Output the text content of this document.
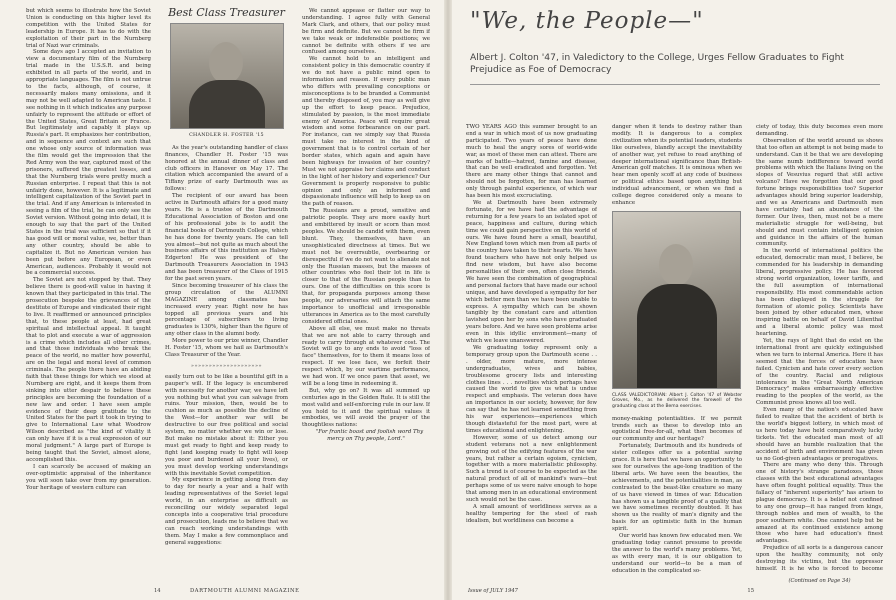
but which seems to illustrate how the Soviet Union is conducting on this higher level its competition with the United States for leadership in Europe. It has to do with the exploitation of their part in the Nurnberg trial of Nazi war criminals.

Some days ago I accepted an invitation to view a documentary film of the Nurnberg trial made in the U.S.S.R. and being exhibited in all parts of the world, and in appropriate languages. The film is not untrue to the facts, although, of course, it necessarily makes many omissions, and it may not be well adapted to American taste. I see nothing in it which indicates any purpose unfairly to represent the attitude or effort of the United States, Great Britain or France. But legitimately and capably it plays up Russia's part. It emphasizes her contribution, and in sequence and context are such that one whose only source of information was the film would get the impression that the Red Army won the war, captured most of the prisoners, suffered the greatest losses, and that the Nurnberg trials were pretty much a Russian enterprise. I repeat that this is not unfairly done, however. It is a legitimate and intelligent capitalization of the Soviet part in the trial. And if any American is interested in seeing a film of the trial, he can only see the Soviet version. Without going into detail, it is enough to say that the part of the United States in the trial was sufficient so that if it has good will or moral value, we, better than any other country, should be able to capitalize it. But no American version has been put before any European, or even American, audiences. Probably it would not be a commercial success.

The Soviet are not stopped by that. They believe there is good-will value in having it known that they participated in this trial. The prosecution bespoke the grievances of the destitute of Europe and vindicated their right to live. It reaffirmed or announced principles that, to these people at least, had great spiritual and intellectual appeal. It taught that to plot and execute a war of aggression is a crime which includes all other crimes, and that those individuals who break the peace of the world, no matter how powerful, are on the legal and moral level of common criminals. The people there have an abiding faith that these things for which we stood at Nurnberg are right, and it keeps them from sinking into utter despair to believe these principles are becoming the foundation of a new law and order. I have seen ample evidence of their deep gratitude to the United States for the part it took in trying to give to International Law what Woodrow Wilson described as "the kind of vitality it can only have if it is a real expression of our moral judgment." A large part of Europe is being taught that the Soviet, almost alone, accomplished this.

I can scarcely be accused of making an over-optimistic appraisal of the inheritance you will soon take over from my generation. Your heritage of western culture can

Best Class Treasurer
CHANDLER H. FOSTER '15

As the year's outstanding handler of class finances, Chandler H. Foster '15 was honored at the annual dinner of class and club officers in Hanover on May 17. The citation which accompanied the award of a Tiffany prize of early Dartmouth was as follows:

The recipient of our award has been active in Dartmouth affairs for a good many years. He is a trustee of the Dartmouth Educational Association of Boston and one of his professional jobs is to audit the financial books of Dartmouth College, which he has done for twenty years. He can tell you almost—but not quite as much about the business affairs of this institution as Halsey Edgerton! He was president of the Dartmouth Treasurers Association in 1943 and has been treasurer of the Class of 1915 for the past seven years.

Since becoming treasurer of his class the group circulation of the ALUMNI MAGAZINE among classmates has increased every year. Right now he has topped all previous years and his percentage of subscribers to living graduates is 130%, higher than the figure of any other class in the alumni body.

More power to our prize winner, Chandler H. Foster '15, whom we hail as Dartmouth's Class Treasurer of the Year.

»»»»»»»»»»»»»»»»»»»»

easily turn out to be like a bountiful gift in a pauper's will. If the legacy is encumbered with necessity for another war, we have left you nothing but what you can salvage from ruins. Your mission, then, would be to cushion as much as possible the decline of the West—for another war will be destructive to our free political and social system, no matter whether we win or lose. But make no mistake about it: Either you must get ready to fight and keep ready to fight (and keeping ready to fight will keep you poor and burdened all your lives), or you must develop working understandings with this inevitable Soviet competition.

My experience in getting along from day to day for nearly a year and a half with leading representatives of the Soviet legal world, in an enterprise as difficult as reconciling our widely separated legal concepts into a cooperative trial procedure and prosecution, leads me to believe that we can reach working understandings with them. May I make a few commonplace and general suggestions:

We cannot appease or flatter our way to understanding. I agree fully with General Mark Clark, and others, that our policy must be firm and definite. But we cannot be firm if we take weak or indefensible positions; we cannot be definite with others if we are confused among ourselves.

We cannot hold to an intelligent and consistent policy in this democratic country if we do not have a public mind open to information and reason. If every public man who differs with prevailing conceptions or misconceptions is to be branded a Communist and thereby disposed of, you may as well give up the effort to keep peace. Prejudice, stimulated by passion, is the most immediate enemy of America. Peace will require great wisdom and some forbearance on our part. For instance, can we simply say that Russia must take no interest in the kind of government that is to control certain of her border states, which again and again have been highways for invasion of her country? Must we not appraise her claims and conduct in the light of her history and experience? Our Government is properly responsive to public opinion and only an informed and dispassionate influence will help to keep us on the path of reason.

The Russians are a proud, sensitive and patriotic people. They are more easily hurt and embittered by insult or scorn than most peoples. We should be candid with them, even blunt. They, themselves, have an unsophisticated directness at times. But we must not be overrsubtle, overbearing or disrespectful if we do not want to alienate not only the Russian masses, but the masses of other countries who feel their lot in life is closer to that of the Russian people than to ours. One of the difficulties on this score is that, for propaganda purposes among these people, our adversaries will attach the same importance to unofficial and irresponsible utterances in America as to the most carefully considered official ones.

Above all else, we must make no threats that we are not able to carry through and ready to carry through at whatever cost. The Soviet will go to any ends to avoid "loss of face" themselves, for to them it means loss of respect. If we lose face, we forfeit their respect which, by our wartime performance, we had won. If we once pawn that asset, we will be a long time in redeeming it.

But, why go on? It was all summed up centuries ago in the Golden Rule. It is still the most valid and self-enforcing rule in our law. If you hold to it and the spiritual values it embodies, we will avoid the prayer of the thoughtless nations:

"For frantic boast and foolish word Thy mercy on Thy people, Lord."

14	DARTMOUTH ALUMNI MAGAZINE
"We, the People—"
Albert J. Colton '47, in Valedictory to the College, Urges Fellow Graduates to Fight Prejudice as Foe of Democracy

TWO YEARS AGO this summer brought to an end a war in which most of us now graduating participated. Two years of peace have done much to heal the angry sores of world-wide war, as most of these men can attest. There are marks of battle—hatred, famine and disease, that can be well eradicated and forgotten. Yet there are many other things that cannot and should not be forgotten, for man has learned only through painful experience, of which war has been his most excruciating.

We at Dartmouth have been extremely fortunate, for we have had the advantage of returning for a few years to an isolated spot of peace, happiness and culture, during which time we could gain perspective on this world of ours. We have found here a small, beautiful, New England town which men from all parts of the country have taken to their hearts. We have found teachers who have not only helped us find new wisdom, but have also become personalities of their own, often close friends. We have seen the combination of geographical and personal factors that have made our school unique, and have developed a sympathy for her which better men than we have been unable to express. A sympathy which can be shown tangibly by the constant care and attention lavished upon her by sons who have graduated years before. And we have seen problems arise even in this idyllic environment—many of which we leave unanswered.

We graduating today represent only a temporary group upon the Dartmouth scene . . . older, more mature, more intense undergraduates, wives and babies, troublesome grocery lists and interesting clothes lines . . . novelties which perhaps have caused the world to give us what is undue respect and emphasis. The veteran does have an importance in our society, however, for few can say that he has not learned something from his war experiences—experiences which though distasteful for the most part, were at times educational and enlightening.

However, some of us detect among our student veterans not a new enlightenment growing out of the edifying features of the war years, but rather a certain egoism, cynicism, together with a more materialistic philosophy. Such a trend is of course to be expected as the natural product of all of mankind's wars—but perhaps some of us were naive enough to hope that among men in an educational environment such would not be the case.

A small amount of worldliness serves as a healthy tempering for the steel of rash idealism, but worldliness can become a

danger when it tends to destroy rather than modify. It is dangerous to a complex civilization when its potential leaders, students like ourselves, blandly accept the inevitability of another war, yet refuse to read anything of deeper international significance than British-American golf matches. It is ominous when we hear men openly scoff at any code of business or political ethics based upon anything but individual advancement, or when we find a college degree considered only a means to enhance

CLASS VALEDICTORIAN: Albert J. Colton '47 of Webster Groves, Mo., as he delivered the farewell of the graduating class at the Bema exercises.

money-making potentialities. If we permit trends such as these to develop into an egotistical free-for-all, what then becomes of our community and our heritage?

Fortunately, Dartmouth and its hundreds of sister colleges offer us a potential saving grace. It is here that we have an opportunity to see for ourselves the age-long tradition of the liberal arts. We have seen the beauties, the achievements, and the potentialities in man, as contrasted to the beast-like creature so many of us have viewed in times of war. Education has shown us a tangible proof of a quality that we have sometimes recently doubted. It has shown us the reality of man's dignity and the basis for an optimistic faith in the human spirit.

Our world has known few educated men. We graduating today cannot presume to provide the answer to the world's many problems. Yet, as with every man, it is our obligation to understand our world—to be a man of education in the complicated so-

ciety of today, this duty becomes even more demanding.

Observation of the world around us shows that too often an attempt is not being made to understand. Can it be that we are developing the same numb indifference toward world problems with which the Italians living on the slopes of Vesuvius regard that still active volcano? Have we forgotten that our good fortune brings responsibilities too? Superior advantages should bring superior leadership, and we as Americans and Dartmouth men have certainly had an abundance of the former. Our lives, then, must not be a mere materialistic struggle for well-being, but should and must contain intelligent opinion and guidance in the affairs of the human community.

In the world of international politics the educated, democratic man must, I believe, be commended for his leadership in demanding liberal, progressive policy. He has favored strong world organization, lower tariffs, and the full assumption of international responsibility. His most commendable action has been displayed in the struggle for formation of atomic policy. Scientists have been joined by other educated men, whose inspiring battle on behalf of David Lilienthal and a liberal atomic policy was most heartening.

Yet, the rays of light that do exist on the international front are quickly extinguished when we turn to internal America. Here it has seemed that the forces of education have failed. Cynicism and hate cover every section of the country. Racial and religious intolerance in the "Great North American Democracy" makes embarrassingly effective reading to the peoples of the world, as the Communist press knows all too well.

Even many of the nation's educated have failed to realize that the accident of birth is the world's biggest lottery, in which most of us here today have held comparatively lucky tickets. Yet the educated man most of all should have an humble realization that the accident of birth and environment has given us no God-given advantages or prerogatives.

There are many who deny this. Through one of history's strange paradoxes, those classes with the best educational advantages have often fought political equality. Thus the fallacy of "inherent superiority" has arisen to plague democracy. It is a belief not confined to any one group—it has ranged from kings, through nobles and men of wealth, to the poor southern white. One cannot help but be amazed at its continued existence among those who have had education's finest advantages.

Prejudice of all sorts is a dangerous cancer upon the healthy community, not only destroying its victims, but the oppressor himself. It is he who is forced to become

(Continued on Page 34)
Issue of JULY 1947	15
